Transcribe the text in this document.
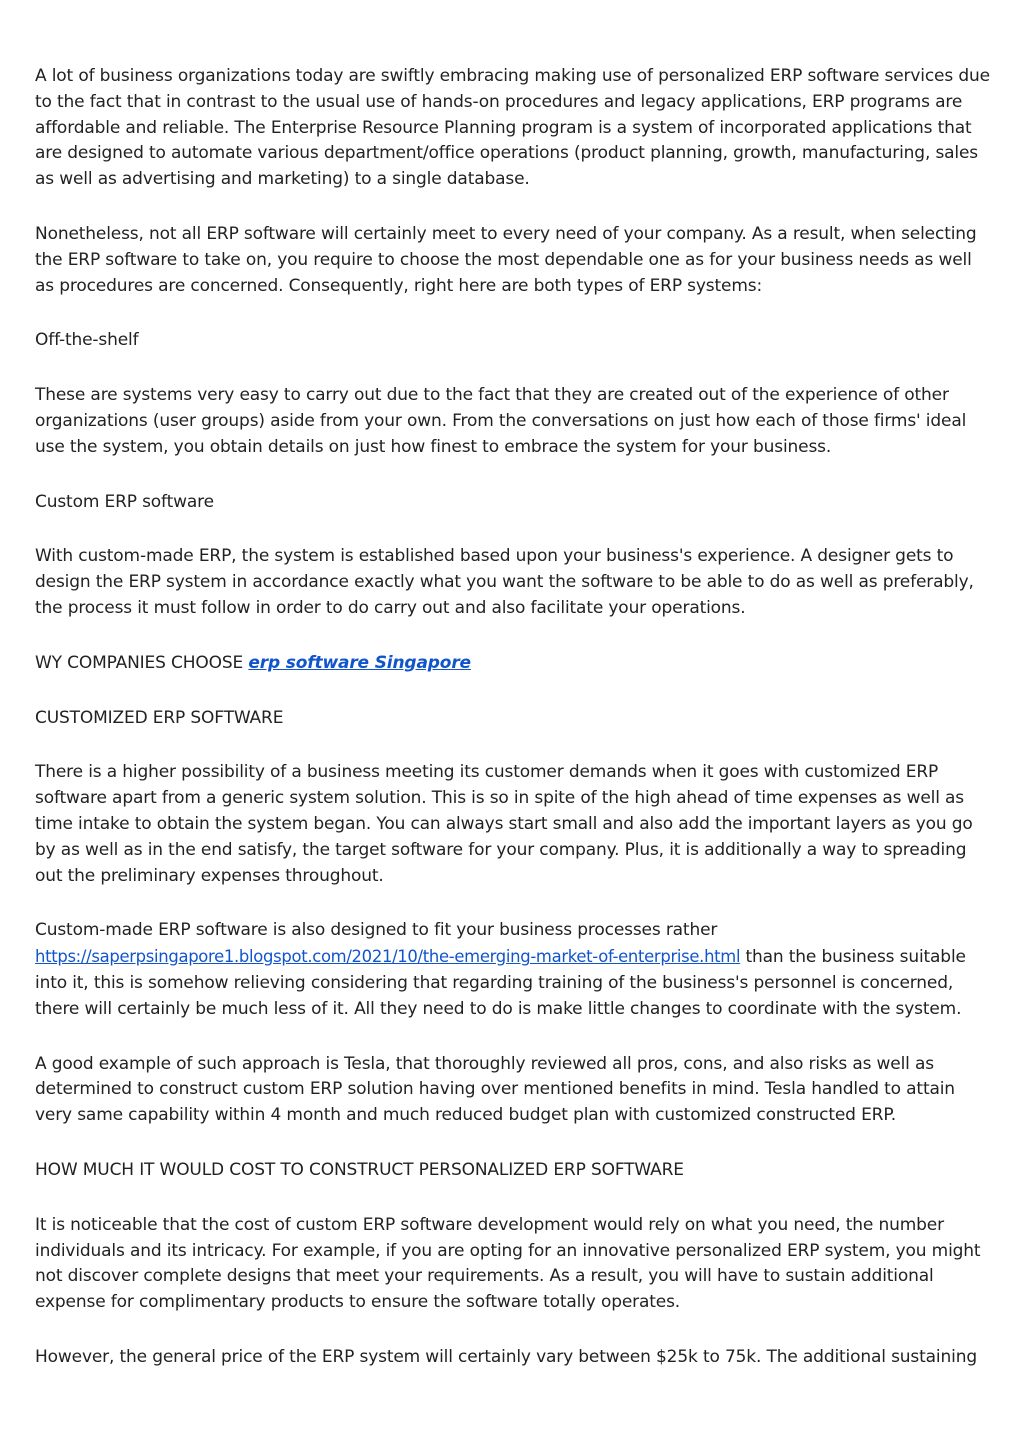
A lot of business organizations today are swiftly embracing making use of personalized ERP software services due to the fact that in contrast to the usual use of hands-on procedures and legacy applications, ERP programs are affordable and reliable. The Enterprise Resource Planning program is a system of incorporated applications that are designed to automate various department/office operations (product planning, growth, manufacturing, sales as well as advertising and marketing) to a single database.

Nonetheless, not all ERP software will certainly meet to every need of your company. As a result, when selecting the ERP software to take on, you require to choose the most dependable one as for your business needs as well as procedures are concerned. Consequently, right here are both types of ERP systems:

Off-the-shelf

These are systems very easy to carry out due to the fact that they are created out of the experience of other organizations (user groups) aside from your own. From the conversations on just how each of those firms' ideal use the system, you obtain details on just how finest to embrace the system for your business.

Custom ERP software

With custom-made ERP, the system is established based upon your business's experience. A designer gets to design the ERP system in accordance exactly what you want the software to be able to do as well as preferably, the process it must follow in order to do carry out and also facilitate your operations.

WY COMPANIES CHOOSE erp software Singapore

CUSTOMIZED ERP SOFTWARE

There is a higher possibility of a business meeting its customer demands when it goes with customized ERP software apart from a generic system solution. This is so in spite of the high ahead of time expenses as well as time intake to obtain the system began. You can always start small and also add the important layers as you go by as well as in the end satisfy, the target software for your company. Plus, it is additionally a way to spreading out the preliminary expenses throughout.

Custom-made ERP software is also designed to fit your business processes rather
https://saperpsingapore1.blogspot.com/2021/10/the-emerging-market-of-enterprise.html than the business suitable into it, this is somehow relieving considering that regarding training of the business's personnel is concerned, there will certainly be much less of it. All they need to do is make little changes to coordinate with the system.

A good example of such approach is Tesla, that thoroughly reviewed all pros, cons, and also risks as well as determined to construct custom ERP solution having over mentioned benefits in mind. Tesla handled to attain very same capability within 4 month and much reduced budget plan with customized constructed ERP.

HOW MUCH IT WOULD COST TO CONSTRUCT PERSONALIZED ERP SOFTWARE

It is noticeable that the cost of custom ERP software development would rely on what you need, the number individuals and its intricacy. For example, if you are opting for an innovative personalized ERP system, you might not discover complete designs that meet your requirements. As a result, you will have to sustain additional expense for complimentary products to ensure the software totally operates.

However, the general price of the ERP system will certainly vary between $25k to 75k. The additional sustaining
